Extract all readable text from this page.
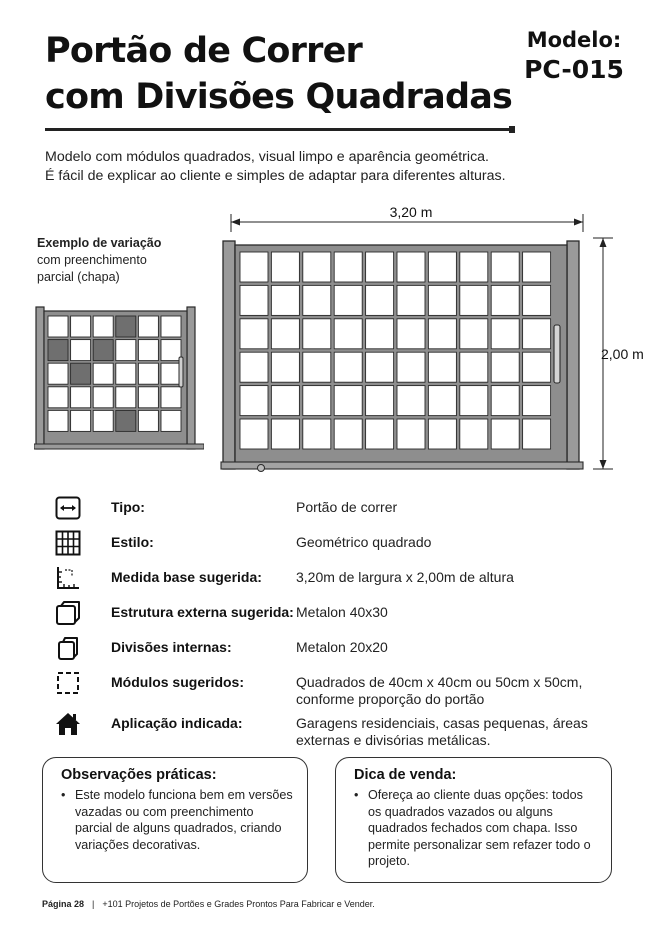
Portão de Correr
com Divisões Quadradas
Modelo:
PC-015

Modelo com módulos quadrados, visual limpo e aparência geométrica.

É fácil de explicar ao cliente e simples de adaptar para diferentes alturas.

Exemplo de variação
com preenchimento
parcial (chapa)
3,20 m
2,00 m
Tipo:	Portão de correr
Estilo:	Geométrico quadrado
Medida base sugerida: 3,20m de largura x 2,00m de altura
Estrutura externa sugerida: Metalon 40x30
Divisões internas:	Metalon 20x20
Módulos sugeridos:	Quadrados de 40cm x 40cm ou 50cm x 50cm, conforme proporção do portão
Aplicação indicada:	Garagens residenciais, casas pequenas, áreas externas e divisórias metálicas.
Observações práticas:
• Este modelo funciona bem em versões vazadas ou com preenchimento parcial de alguns quadrados, criando variações decorativas.
Dica de venda:
• Ofereça ao cliente duas opções: todos os quadrados vazados ou alguns quadrados fechados com chapa. Isso permite personalizar sem refazer todo o projeto.
Página 28 | +101 Projetos de Portões e Grades Prontos Para Fabricar e Vender.
